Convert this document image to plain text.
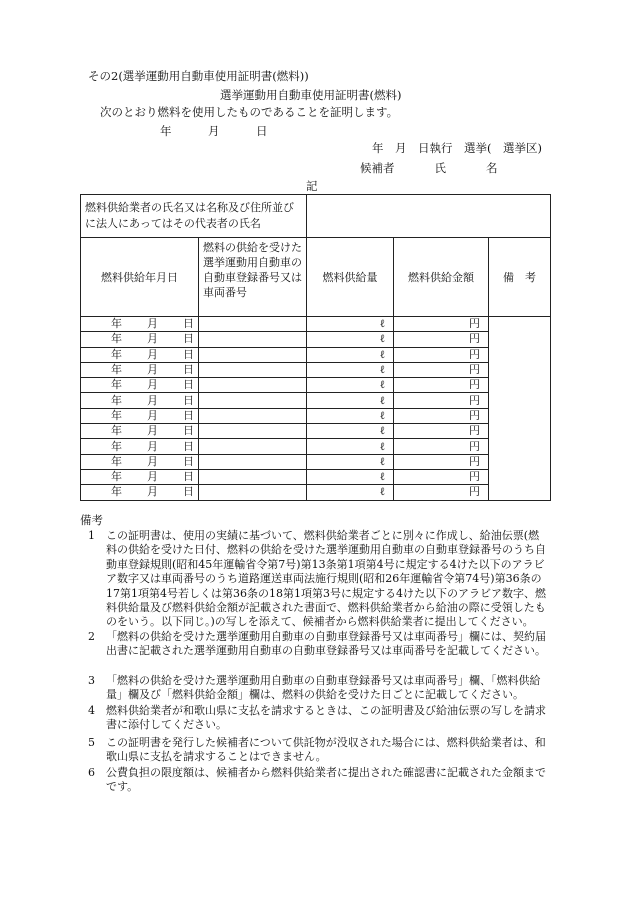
その2(選挙運動用自動車使用証明書(燃料))
選挙運動用自動車使用証明書(燃料)
次のとおり燃料を使用したものであることを証明します。
年	月	日
年　月　日執行　選挙(　選挙区)
候補者	氏	名
記
燃料供給業者の氏名又は名称及び住所並びに法人にあってはその代表者の氏名				
燃料供給年月日	燃料の供給を受けた選挙運動用自動車の自動車登録番号又は車両番号	燃料供給量	燃料供給金額	備　考
年 月 日		ℓ	円	
年 月 日		ℓ	円	
年 月 日		ℓ	円	
年 月 日		ℓ	円	
年 月 日		ℓ	円	
年 月 日		ℓ	円	
年 月 日		ℓ	円	
年 月 日		ℓ	円	
年 月 日		ℓ	円	
年 月 日		ℓ	円	
年 月 日		ℓ	円	
年 月 日		ℓ	円	
備考
1 この証明書は、使用の実績に基づいて、燃料供給業者ごとに別々に作成し、給油伝票(燃料の供給を受けた日付、燃料の供給を受けた選挙運動用自動車の自動車登録番号のうち自動車登録規則(昭和45年運輸省令第7号)第13条第1項第4号に規定する4けた以下のアラビア数字又は車両番号のうち道路運送車両法施行規則(昭和26年運輸省令第74号)第36条の17第1項第4号若しくは第36条の18第1項第3号に規定する4けた以下のアラビア数字、燃料供給量及び燃料供給金額が記載された書面で、燃料供給業者から給油の際に受領したものをいう。以下同じ。)の写しを添えて、候補者から燃料供給業者に提出してください。
2 「燃料の供給を受けた選挙運動用自動車の自動車登録番号又は車両番号」欄には、契約届出書に記載された選挙運動用自動車の自動車登録番号又は車両番号を記載してください。
3 「燃料の供給を受けた選挙運動用自動車の自動車登録番号又は車両番号」欄、「燃料供給量」欄及び「燃料供給金額」欄は、燃料の供給を受けた日ごとに記載してください。
4 燃料供給業者が和歌山県に支払を請求するときは、この証明書及び給油伝票の写しを請求書に添付してください。
5 この証明書を発行した候補者について供託物が没収された場合には、燃料供給業者は、和歌山県に支払を請求することはできません。
6 公費負担の限度額は、候補者から燃料供給業者に提出された確認書に記載された金額までです。
